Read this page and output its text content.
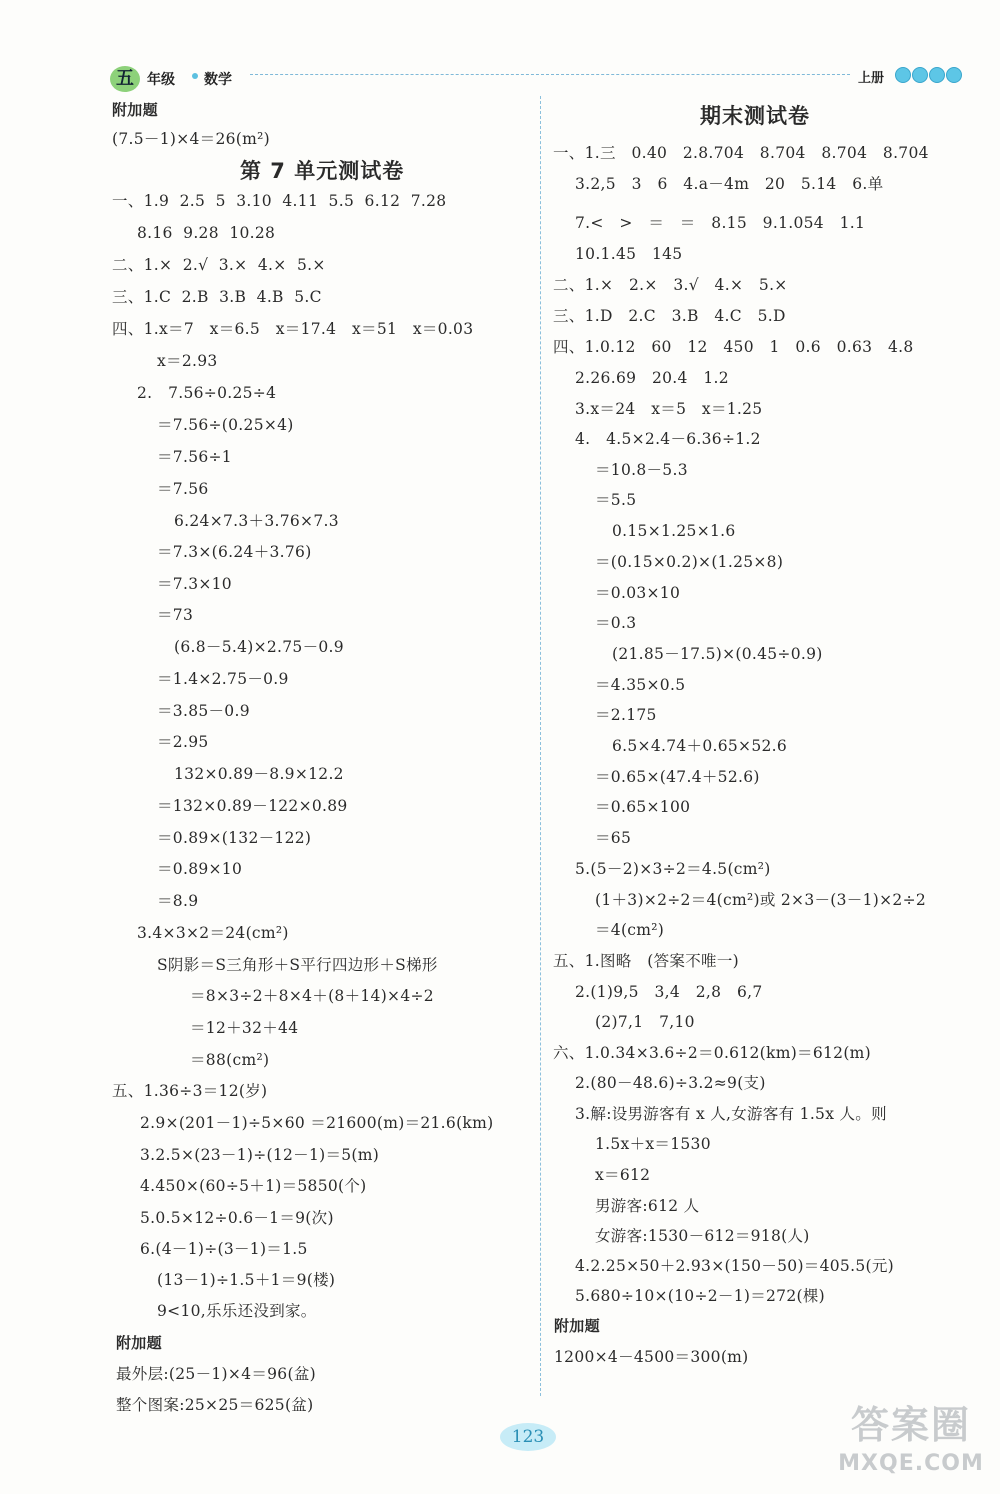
五 年级 数学	上册
附加题
(7.5－1)×4＝26(m²)
第 7 单元测试卷
一、1.9  2.5  5  3.10  4.11  5.5  6.12  7.28
8.16  9.28  10.28
二、1.×  2.√  3.×  4.×  5.×
三、1.C  2.B  3.B  4.B  5.C
四、1.x＝7   x＝6.5   x＝17.4   x＝51   x＝0.03
x＝2.93
2.   7.56÷0.25÷4
＝7.56÷(0.25×4)
＝7.56÷1
＝7.56
6.24×7.3＋3.76×7.3
＝7.3×(6.24＋3.76)
＝7.3×10
＝73
(6.8－5.4)×2.75－0.9
＝1.4×2.75－0.9
＝3.85－0.9
＝2.95
132×0.89－8.9×12.2
＝132×0.89－122×0.89
＝0.89×(132－122)
＝0.89×10
＝8.9
3.4×3×2＝24(cm²)
S阴影＝S三角形＋S平行四边形＋S梯形
＝8×3÷2＋8×4＋(8＋14)×4÷2
＝12＋32＋44
＝88(cm²)
五、1.36÷3＝12(岁)
2.9×(201－1)÷5×60 ＝21600(m)＝21.6(km)
3.2.5×(23－1)÷(12－1)＝5(m)
4.450×(60÷5＋1)＝5850(个)
5.0.5×12÷0.6－1＝9(次)
6.(4－1)÷(3－1)＝1.5
(13－1)÷1.5＋1＝9(楼)
9<10,乐乐还没到家。
附加题
最外层:(25－1)×4＝96(盆)
整个图案:25×25＝625(盆)
期末测试卷
一、1.三   0.40   2.8.704   8.704   8.704   8.704
3.2,5   3   6   4.a－4m   20   5.14   6.单
7.<   >   ＝   ＝   8.15   9.1.054   1.1
10.1.45   145
二、1.×   2.×   3.√   4.×   5.×
三、1.D   2.C   3.B   4.C   5.D
四、1.0.12   60   12   450   1   0.6   0.63   4.8
2.26.69   20.4   1.2
3.x＝24   x＝5   x＝1.25
4.   4.5×2.4－6.36÷1.2
＝10.8－5.3
＝5.5
0.15×1.25×1.6
＝(0.15×0.2)×(1.25×8)
＝0.03×10
＝0.3
(21.85－17.5)×(0.45÷0.9)
＝4.35×0.5
＝2.175
6.5×4.74＋0.65×52.6
＝0.65×(47.4＋52.6)
＝0.65×100
＝65
5.(5－2)×3÷2＝4.5(cm²)
(1＋3)×2÷2＝4(cm²)或 2×3－(3－1)×2÷2
＝4(cm²)
五、1.图略   (答案不唯一)
2.(1)9,5   3,4   2,8   6,7
(2)7,1   7,10
六、1.0.34×3.6÷2＝0.612(km)＝612(m)
2.(80－48.6)÷3.2≈9(支)
3.解:设男游客有 x 人,女游客有 1.5x 人。则
1.5x＋x＝1530
x＝612
男游客:612 人
女游客:1530－612＝918(人)
4.2.25×50＋2.93×(150－50)＝405.5(元)
5.680÷10×(10÷2－1)＝272(棵)
附加题
1200×4－4500＝300(m)
123	答案圈
MXQE.COM
